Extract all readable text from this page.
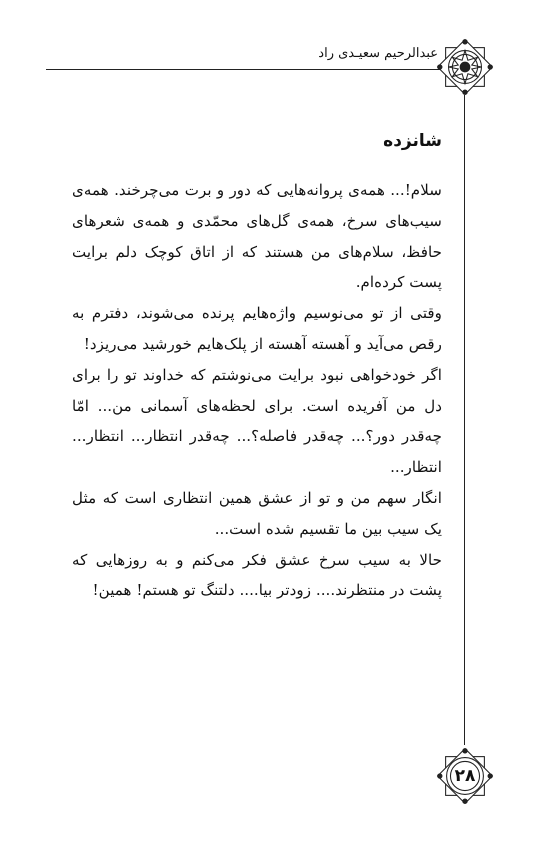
عبدالرحیم سعیـدی راد
شانزده

سلام!... همه‌ی پروانه‌هایی که دور و برت می‌چرخند. همه‌ی سیب‌های سرخ، همه‌ی گل‌های محمّدی و همه‌ی شعرهای حافظ، سلام‌های من هستند که از اتاق کوچک دلم برایت پست کرده‌ام.

وقتی از تو می‌نوسیم واژه‌هایم پرنده می‌شوند، دفترم به رقص می‌آید و آهسته آهسته از پلک‌هایم خورشید می‌ریزد!

اگر خودخواهی نبود برایت می‌نوشتم که خداوند تو را برای دل من آفریده است. برای لحظه‌های آسمانی من... امّا چه‌قدر دور؟... چه‌قدر فاصله؟... چه‌قدر انتظار... انتظار... انتظار...

انگار سهم من و تو از عشق همین انتظاری است که مثل یک سیب بین ما تقسیم شده است...

حالا به سیب سرخ عشق فکر می‌کنم و به روزهایی که پشت در منتظرند.... زودتر بیا.... دلتنگ تو هستم! همین!

۲۸
